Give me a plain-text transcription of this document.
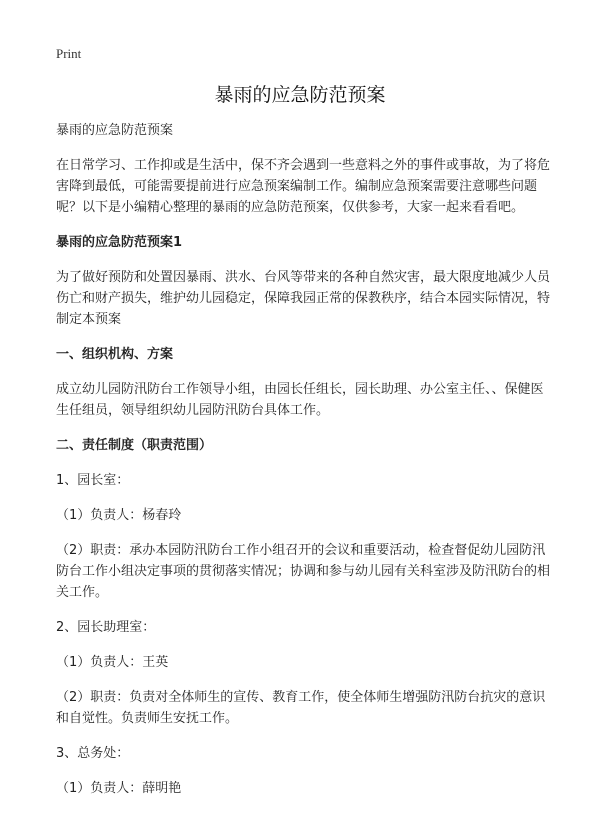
Print
暴雨的应急防范预案

暴雨的应急防范预案

在日常学习、工作抑或是生活中，保不齐会遇到一些意料之外的事件或事故，为了将危害降到最低，可能需要提前进行应急预案编制工作。编制应急预案需要注意哪些问题呢？以下是小编精心整理的暴雨的应急防范预案，仅供参考，大家一起来看看吧。

暴雨的应急防范预案1

为了做好预防和处置因暴雨、洪水、台风等带来的各种自然灾害，最大限度地减少人员伤亡和财产损失，维护幼儿园稳定，保障我园正常的保教秩序，结合本园实际情况，特制定本预案

一、组织机构、方案

成立幼儿园防汛防台工作领导小组，由园长任组长，园长助理、办公室主任、、保健医生任组员，领导组织幼儿园防汛防台具体工作。

二、责任制度（职责范围）

1、园长室：

（1）负责人：杨春玲

（2）职责：承办本园防汛防台工作小组召开的会议和重要活动，检查督促幼儿园防汛防台工作小组决定事项的贯彻落实情况；协调和参与幼儿园有关科室涉及防汛防台的相关工作。

2、园长助理室：

（1）负责人：王英

（2）职责：负责对全体师生的宣传、教育工作，使全体师生增强防汛防台抗灾的意识和自觉性。负责师生安抚工作。

3、总务处：

（1）负责人：薛明艳
